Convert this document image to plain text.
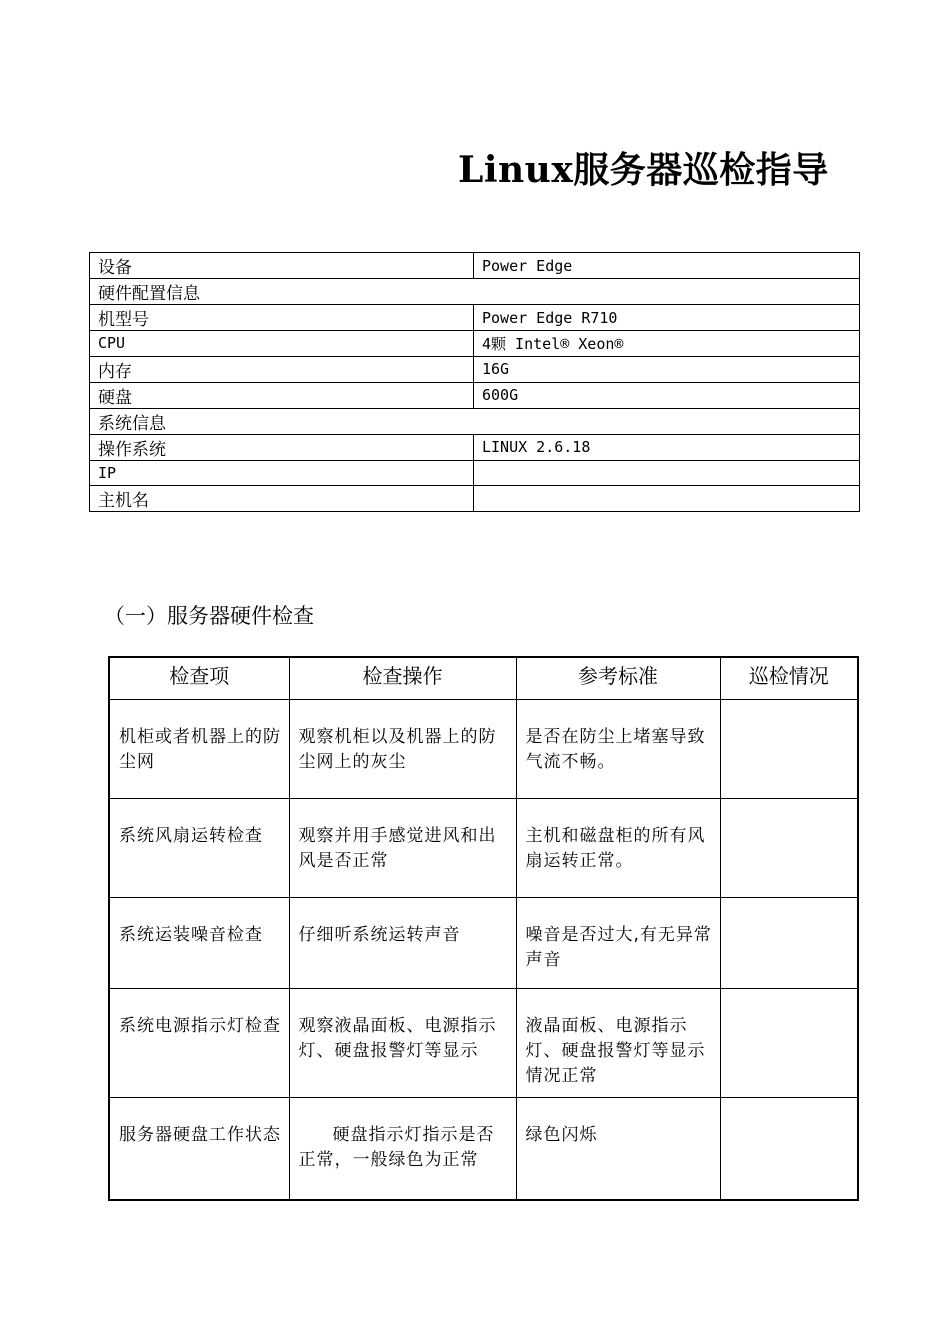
Linux服务器巡检指导
设备	Power Edge
硬件配置信息	
机型号	Power Edge R710
CPU	4颗 Intel® Xeon®
内存	16G
硬盘	600G
系统信息	
操作系统	LINUX 2.6.18
IP	
主机名	
（一）服务器硬件检查
检查项	检查操作	参考标准	巡检情况
机柜或者机器上的防尘网	观察机柜以及机器上的防尘网上的灰尘	是否在防尘上堵塞导致气流不畅。	
系统风扇运转检查	观察并用手感觉进风和出风是否正常	主机和磁盘柜的所有风扇运转正常。	
系统运装噪音检查	仔细听系统运转声音	噪音是否过大,有无异常声音	
系统电源指示灯检查	观察液晶面板、电源指示灯、硬盘报警灯等显示	液晶面板、电源指示灯、硬盘报警灯等显示情况正常	
服务器硬盘工作状态	硬盘指示灯指示是否正常，一般绿色为正常	绿色闪烁	
